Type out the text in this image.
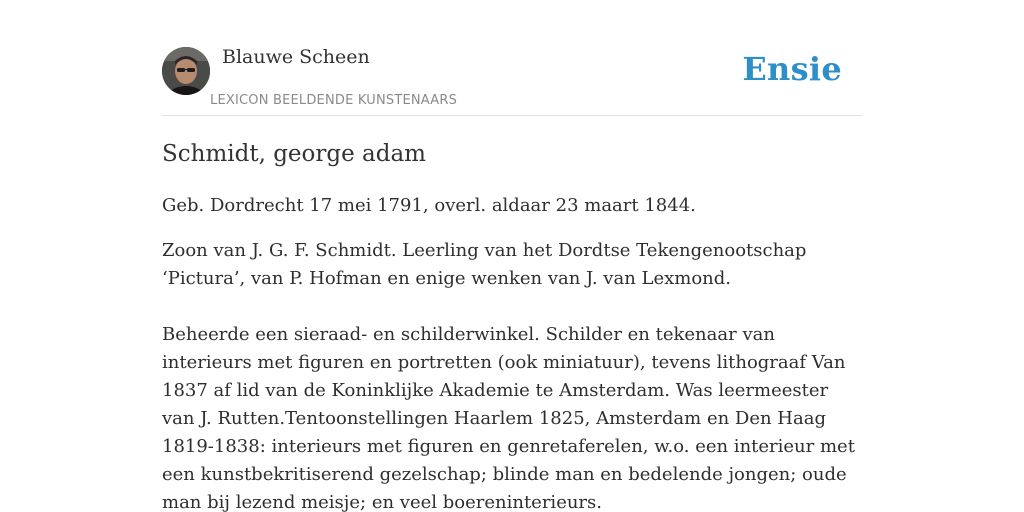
Blauwe Scheen
LEXICON BEELDENDE KUNSTENAARS
Ensie
Schmidt, george adam

Geb. Dordrecht 17 mei 1791, overl. aldaar 23 maart 1844.

Zoon van J. G. F. Schmidt. Leerling van het Dordtse Tekengenootschap ‘Pictura’, van P. Hofman en enige wenken van J. van Lexmond.

Beheerde een sieraad- en schilderwinkel. Schilder en tekenaar van interieurs met figuren en portretten (ook miniatuur), tevens lithograaf Van 1837 af lid van de Koninklijke Akademie te Amsterdam. Was leermeester van J. Rutten.Tentoonstellingen Haarlem 1825, Amsterdam en Den Haag 1819-1838: interieurs met figuren en genretaferelen, w.o. een interieur met een kunstbekritiserend gezelschap; blinde man en bedelende jongen; oude man bij lezend meisje; en veel boereninterieurs.
